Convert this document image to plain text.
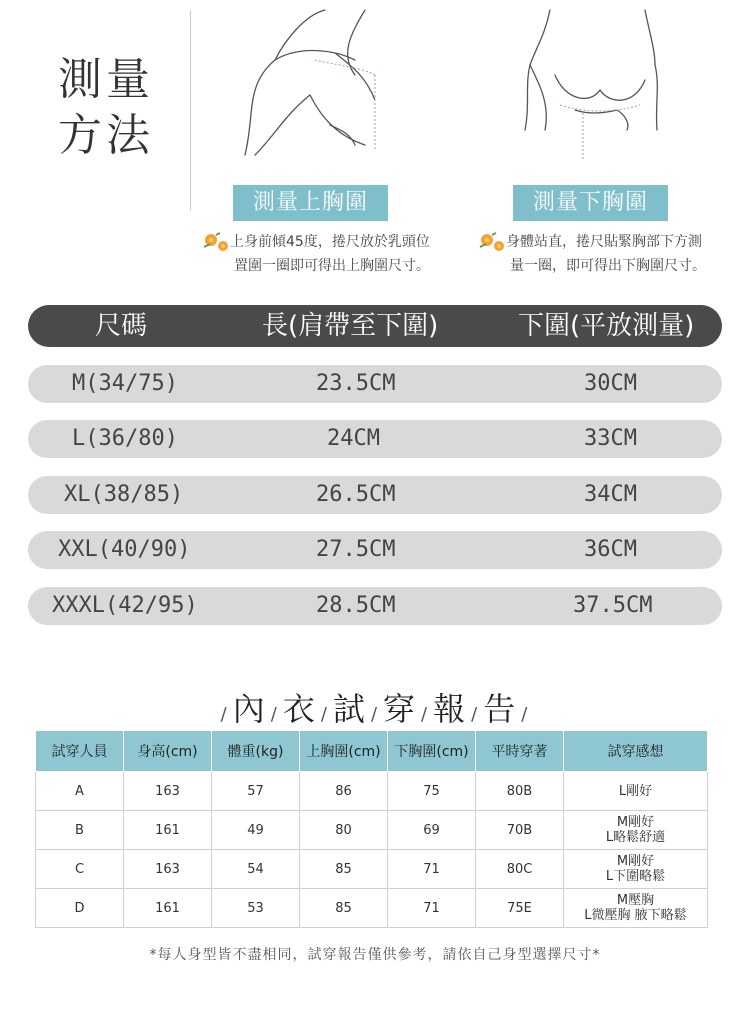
測量
方法
測量上胸圍	測量下胸圍
上身前傾45度，捲尺放於乳頭位
置圍一圈即可得出上胸圍尺寸。
身體站直，捲尺貼緊胸部下方測
量一圈，即可得出下胸圍尺寸。
尺碼	長(肩帶至下圍)	下圍(平放測量)
M(34/75)	23.5CM	30CM
L(36/80)	24CM	33CM
XL(38/85)	26.5CM	34CM
XXL(40/90)	27.5CM	36CM
XXXL(42/95)	28.5CM	37.5CM
/ 內 / 衣 / 試 / 穿 / 報 / 告 /
試穿人員	身高(cm)	體重(kg)	上胸圍(cm)	下胸圍(cm)	平時穿著	試穿感想
A	163	57	86	75	80B	L剛好

B	161	49	80	69	70B	M剛好
L略鬆舒適

C	163	54	85	71	80C	M剛好
L下圍略鬆

D	161	53	85	71	75E	M壓胸
L微壓胸 腋下略鬆
*每人身型皆不盡相同，試穿報告僅供參考，請依自己身型選擇尺寸*
